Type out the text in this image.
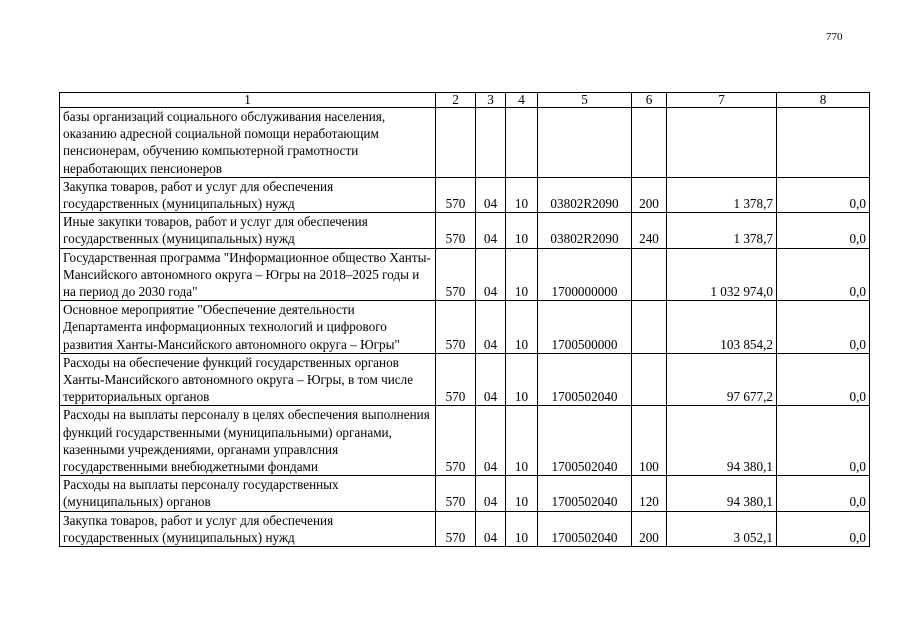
770
1	2	3	4	5	6	7	8
базы организаций социального обслуживания населения, оказанию адресной социальной помощи неработающим пенсионерам, обучению компьютерной грамотности неработающих пенсионеров							
Закупка товаров, работ и услуг для обеспечения государственных (муниципальных) нужд	570	04	10	03802R2090	200	1 378,7	0,0
Иные закупки товаров, работ и услуг для обеспечения государственных (муниципальных) нужд	570	04	10	03802R2090	240	1 378,7	0,0
Государственная программа "Информационное общество Ханты-Мансийского автономного округа – Югры на 2018–2025 годы и на период до 2030 года"	570	04	10	1700000000		1 032 974,0	0,0
Основное мероприятие "Обеспечение деятельности Департамента информационных технологий и цифрового развития Ханты-Мансийского автономного округа – Югры"	570	04	10	1700500000		103 854,2	0,0
Расходы на обеспечение функций государственных органов Ханты-Мансийского автономного округа – Югры, в том числе территориальных органов	570	04	10	1700502040		97 677,2	0,0
Расходы на выплаты персоналу в целях обеспечения выполнения функций государственными (муниципальными) органами, казенными учреждениями, органами управлсния государственными внебюджетными фондами	570	04	10	1700502040	100	94 380,1	0,0
Расходы на выплаты персоналу государственных (муниципальных) органов	570	04	10	1700502040	120	94 380,1	0,0
Закупка товаров, работ и услуг для обеспечения государственных (муниципальных) нужд	570	04	10	1700502040	200	3 052,1	0,0
